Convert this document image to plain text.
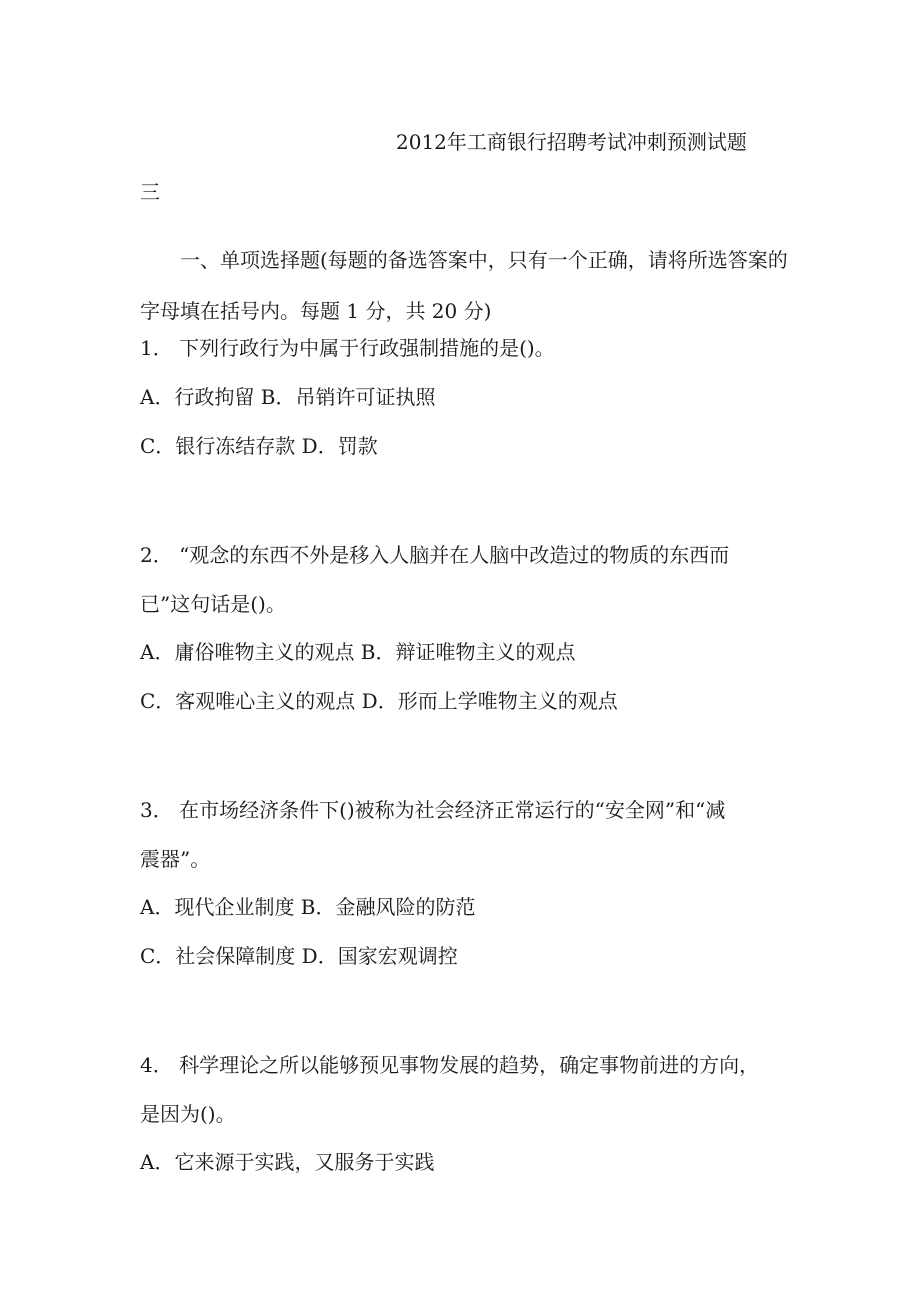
2012年工商银行招聘考试冲刺预测试题
三
一、单项选择题(每题的备选答案中，只有一个正确，请将所选答案的字母填在括号内。每题 1 分，共 20 分)
1． 下列行政行为中属于行政强制措施的是()。
A．行政拘留 B．吊销许可证执照
C．银行冻结存款 D．罚款
2． “观念的东西不外是移入人脑并在人脑中改造过的物质的东西而
已”这句话是()。
A．庸俗唯物主义的观点 B．辩证唯物主义的观点
C．客观唯心主义的观点 D．形而上学唯物主义的观点
3． 在市场经济条件下()被称为社会经济正常运行的“安全网”和“减
震器”。
A．现代企业制度 B．金融风险的防范
C．社会保障制度 D．国家宏观调控
4． 科学理论之所以能够预见事物发展的趋势，确定事物前进的方向，
是因为()。
A．它来源于实践，又服务于实践
